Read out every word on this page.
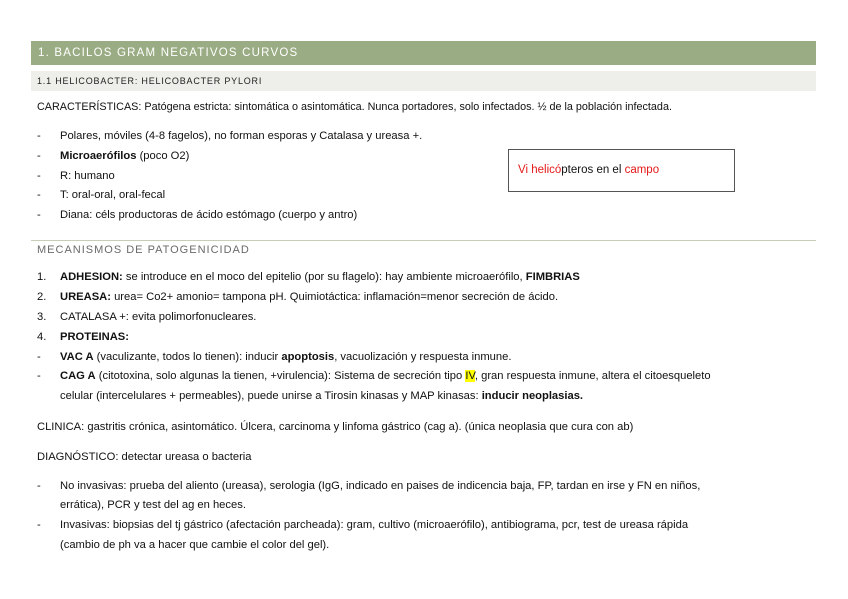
1. BACILOS GRAM NEGATIVOS CURVOS
1.1 HELICOBACTER: HELICOBACTER PYLORI
CARACTERÍSTICAS: Patógena estricta: sintomática o asintomática. Nunca portadores, solo infectados. ½ de la población infectada.
-	Polares, móviles (4-8 fagelos), no forman esporas y Catalasa y ureasa +.
-	Microaerófilos (poco O2)
-	R: humano
-	T: oral-oral, oral-fecal
-	Diana: céls productoras de ácido estómago (cuerpo y antro)
Vi helicópteros en el campo
MECANISMOS DE PATOGENICIDAD
1.	ADHESION: se introduce en el moco del epitelio (por su flagelo): hay ambiente microaerófilo, FIMBRIAS
2.	UREASA: urea= Co2+ amonio= tampona pH. Quimiotáctica: inflamación=menor secreción de ácido.
3.	CATALASA +: evita polimorfonucleares.
4.	PROTEINAS:
-	VAC A (vaculizante, todos lo tienen): inducir apoptosis, vacuolización y respuesta inmune.
-	CAG A (citotoxina, solo algunas la tienen, +virulencia): Sistema de secreción tipo IV, gran respuesta inmune, altera el citoesqueleto
celular (intercelulares + permeables), puede unirse a Tirosin kinasas y MAP kinasas: inducir neoplasias.
CLINICA: gastritis crónica, asintomático. Úlcera, carcinoma y linfoma gástrico (cag a). (única neoplasia que cura con ab)
DIAGNÓSTICO: detectar ureasa o bacteria
-	No invasivas: prueba del aliento (ureasa), serologia (IgG, indicado en paises de indicencia baja, FP, tardan en irse y FN en niños,
errática), PCR y test del ag en heces.
-	Invasivas: biopsias del tj gástrico (afectación parcheada): gram, cultivo (microaerófilo), antibiograma, pcr, test de ureasa rápida
(cambio de ph va a hacer que cambie el color del gel).
